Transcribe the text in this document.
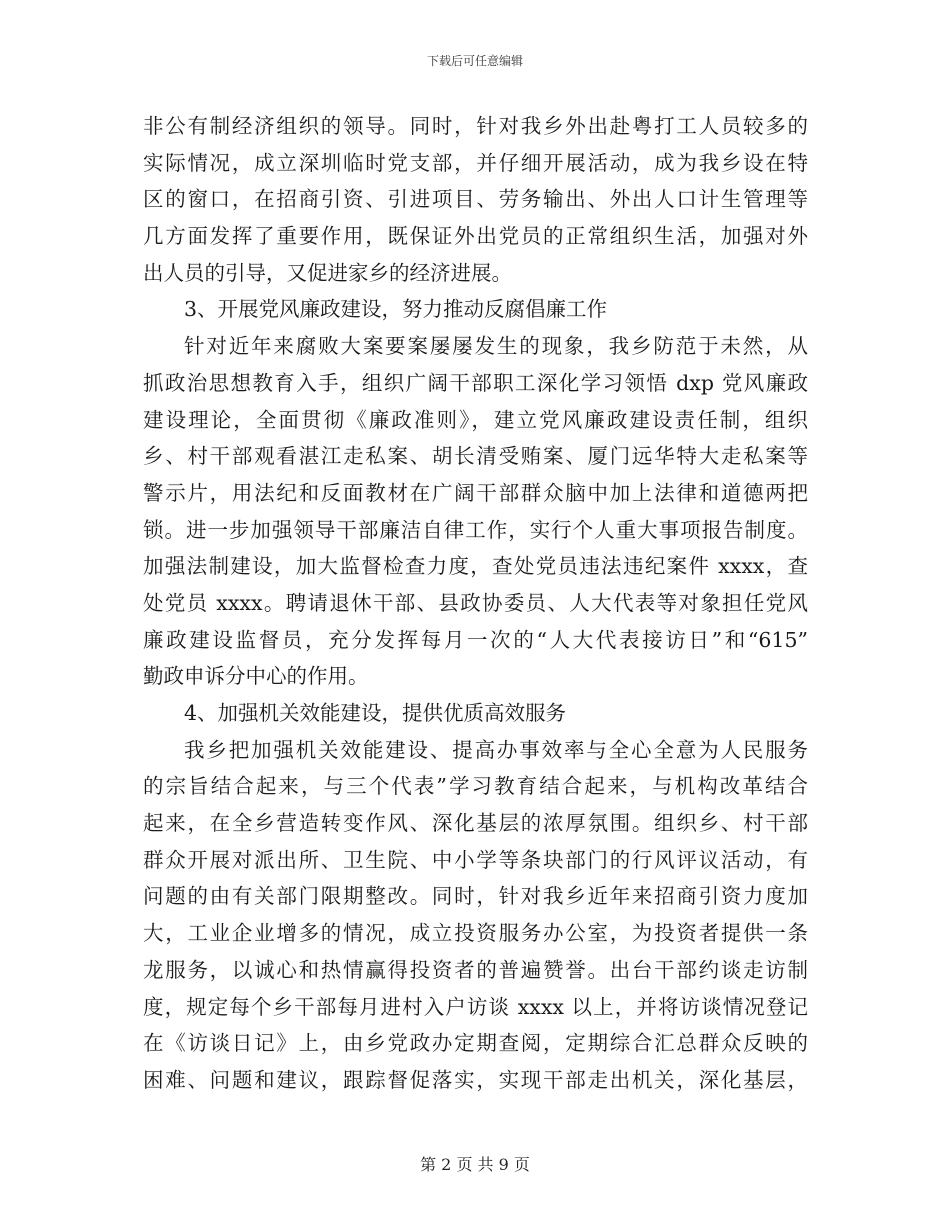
下载后可任意编辑
非公有制经济组织的领导。同时，针对我乡外出赴粤打工人员较多的
实际情况，成立深圳临时党支部，并仔细开展活动，成为我乡设在特
区的窗口，在招商引资、引进项目、劳务输出、外出人口计生管理等
几方面发挥了重要作用，既保证外出党员的正常组织生活，加强对外
出人员的引导，又促进家乡的经济进展。
3、开展党风廉政建设，努力推动反腐倡廉工作
针对近年来腐败大案要案屡屡发生的现象，我乡防范于未然，从
抓政治思想教育入手，组织广阔干部职工深化学习领悟 dxp 党风廉政
建设理论，全面贯彻《廉政准则》，建立党风廉政建设责任制，组织
乡、村干部观看湛江走私案、胡长清受贿案、厦门远华特大走私案等
警示片，用法纪和反面教材在广阔干部群众脑中加上法律和道德两把
锁。进一步加强领导干部廉洁自律工作，实行个人重大事项报告制度。
加强法制建设，加大监督检查力度，查处党员违法违纪案件 xxxx，查
处党员 xxxx。聘请退休干部、县政协委员、人大代表等对象担任党风
廉政建设监督员，充分发挥每月一次的“人大代表接访日”和“615”
勤政申诉分中心的作用。
4、加强机关效能建设，提供优质高效服务
我乡把加强机关效能建设、提高办事效率与全心全意为人民服务
的宗旨结合起来，与三个代表”学习教育结合起来，与机构改革结合
起来，在全乡营造转变作风、深化基层的浓厚氛围。组织乡、村干部
群众开展对派出所、卫生院、中小学等条块部门的行风评议活动，有
问题的由有关部门限期整改。同时，针对我乡近年来招商引资力度加
大，工业企业增多的情况，成立投资服务办公室，为投资者提供一条
龙服务，以诚心和热情赢得投资者的普遍赞誉。出台干部约谈走访制
度，规定每个乡干部每月进村入户访谈 xxxx 以上，并将访谈情况登记
在《访谈日记》上，由乡党政办定期查阅，定期综合汇总群众反映的
困难、问题和建议，跟踪督促落实，实现干部走出机关，深化基层，
第 2 页 共 9 页
